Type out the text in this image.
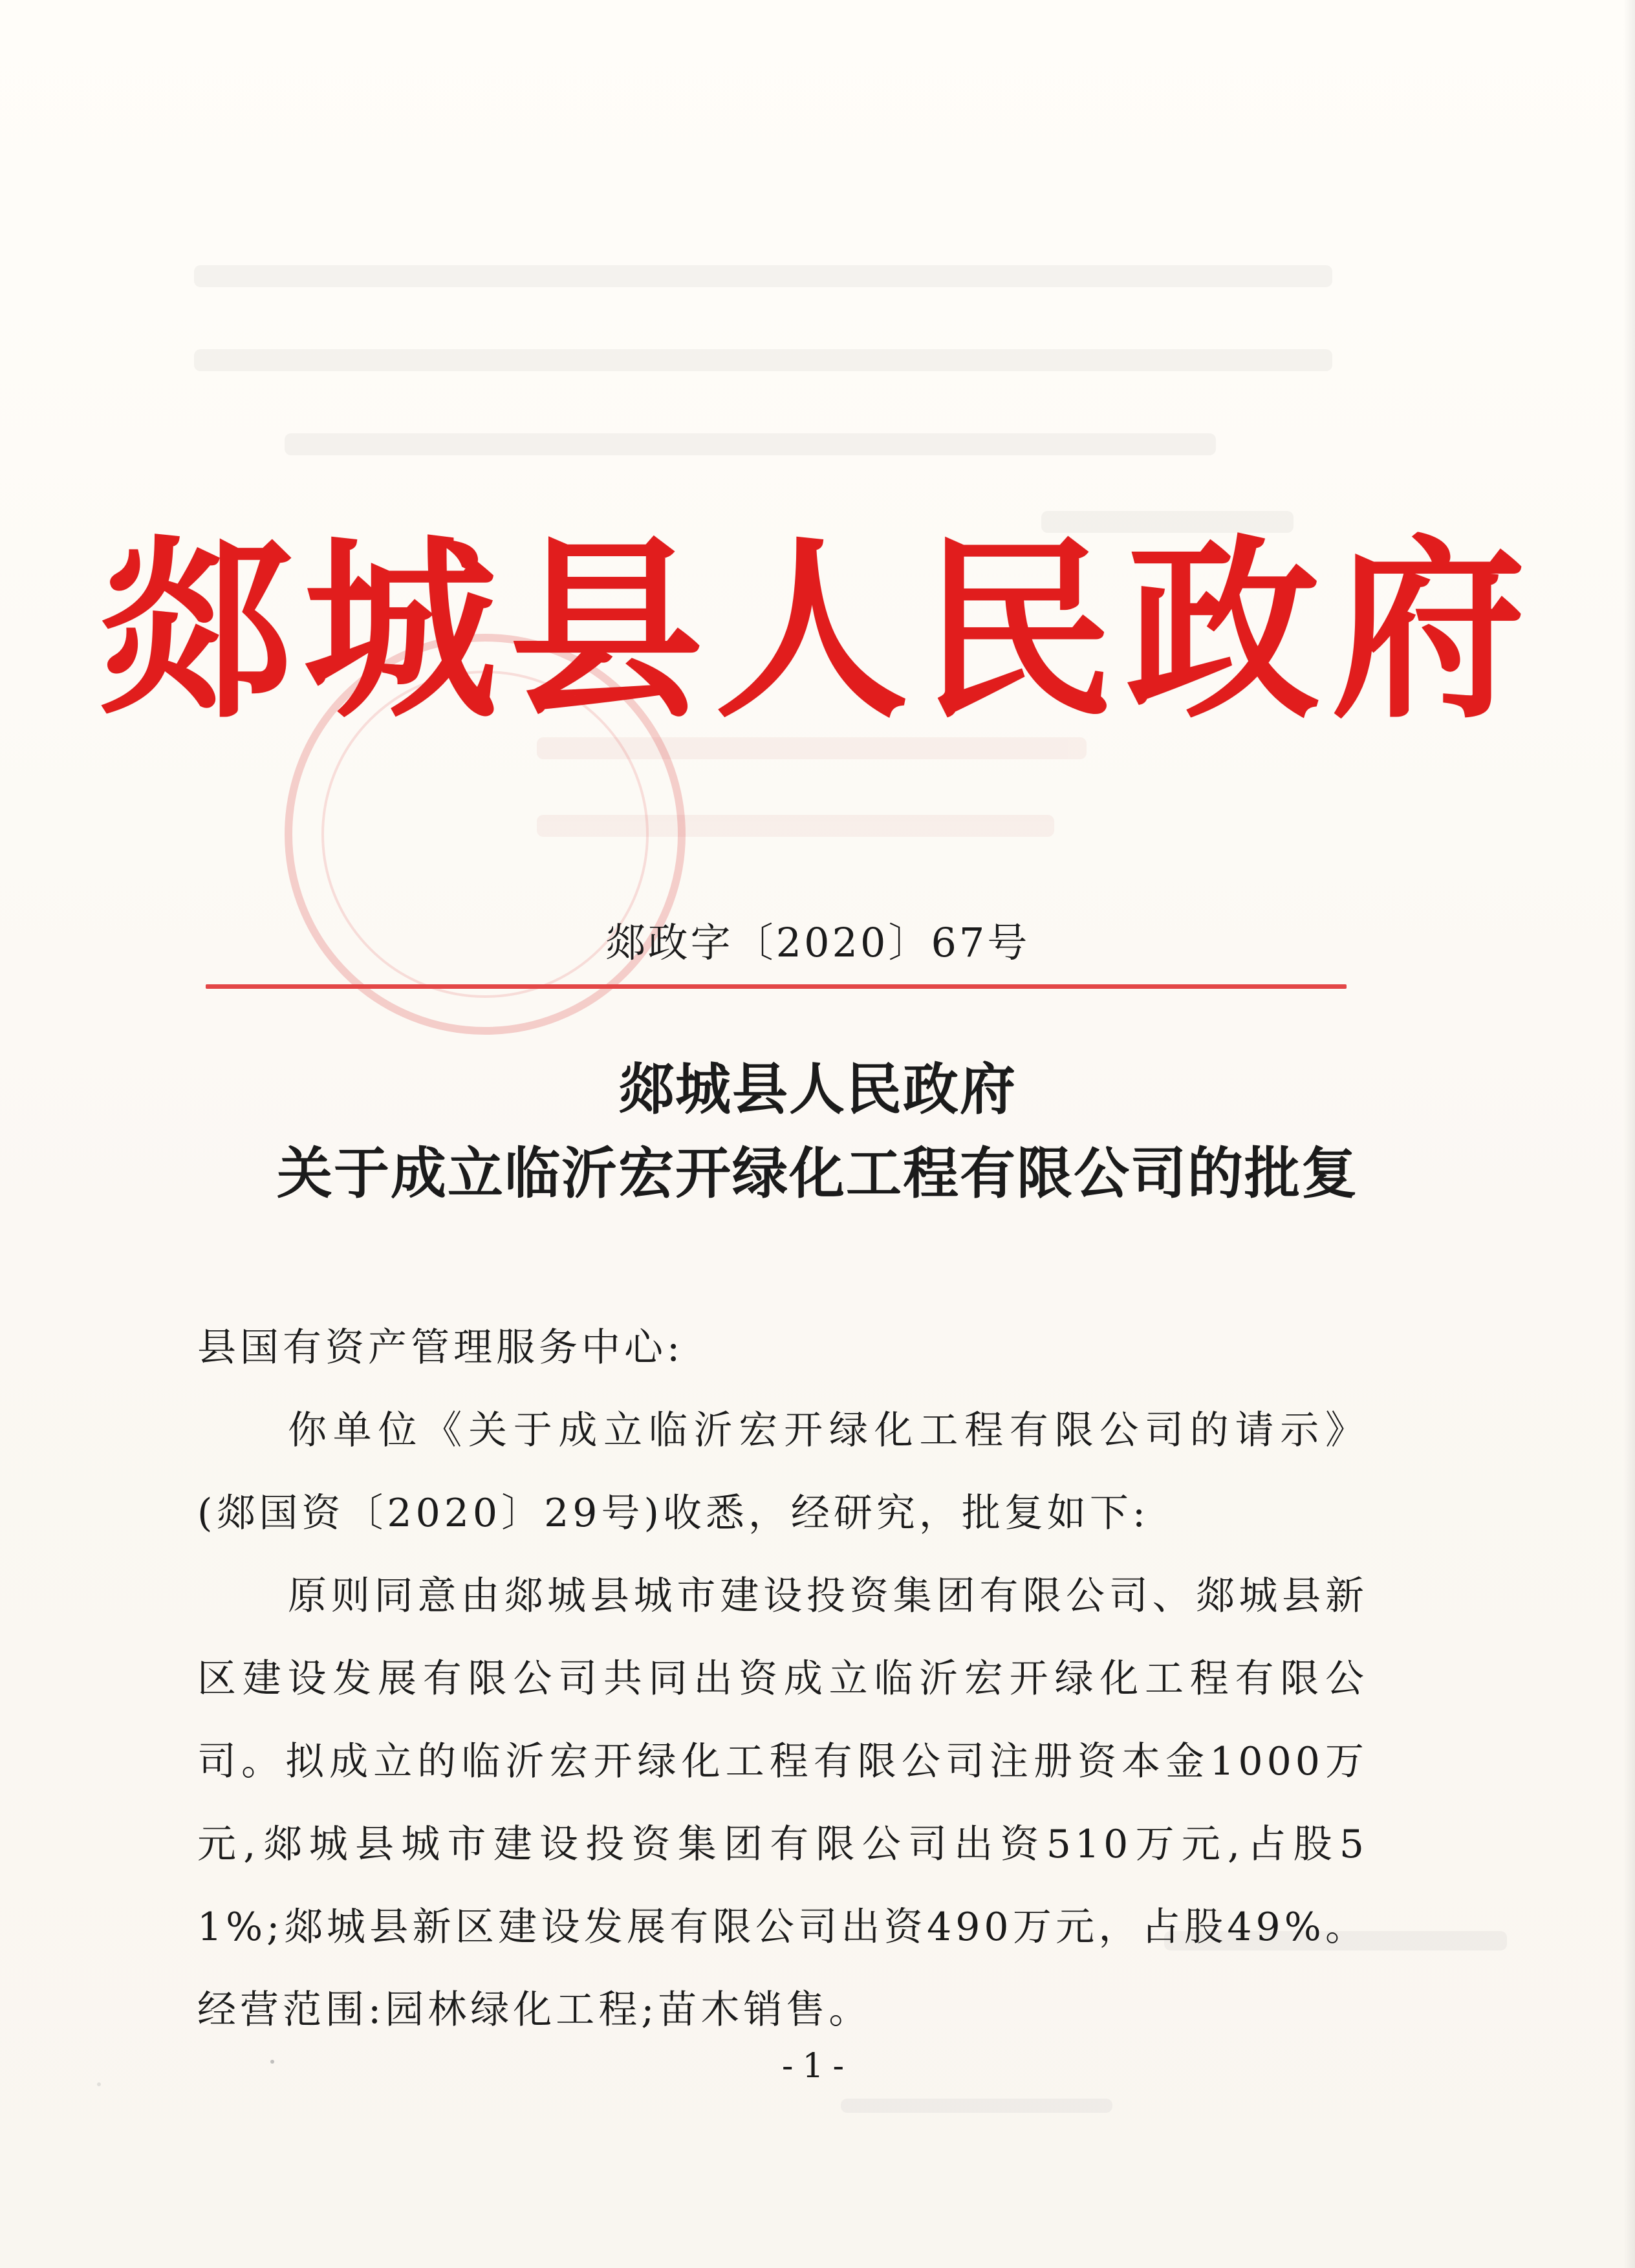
郯城县人民政府
郯政字〔2020〕67号
郯城县人民政府
关于成立临沂宏开绿化工程有限公司的批复
县国有资产管理服务中心:
你单位《关于成立临沂宏开绿化工程有限公司的请示》(郯国资〔2020〕29号)收悉，经研究，批复如下:
原则同意由郯城县城市建设投资集团有限公司、郯城县新区建设发展有限公司共同出资成立临沂宏开绿化工程有限公司。拟成立的临沂宏开绿化工程有限公司注册资本金1000万元,郯城县城市建设投资集团有限公司出资510万元,占股51%;郯城县新区建设发展有限公司出资490万元，占股49%。经营范围:园林绿化工程;苗木销售。
-1-
